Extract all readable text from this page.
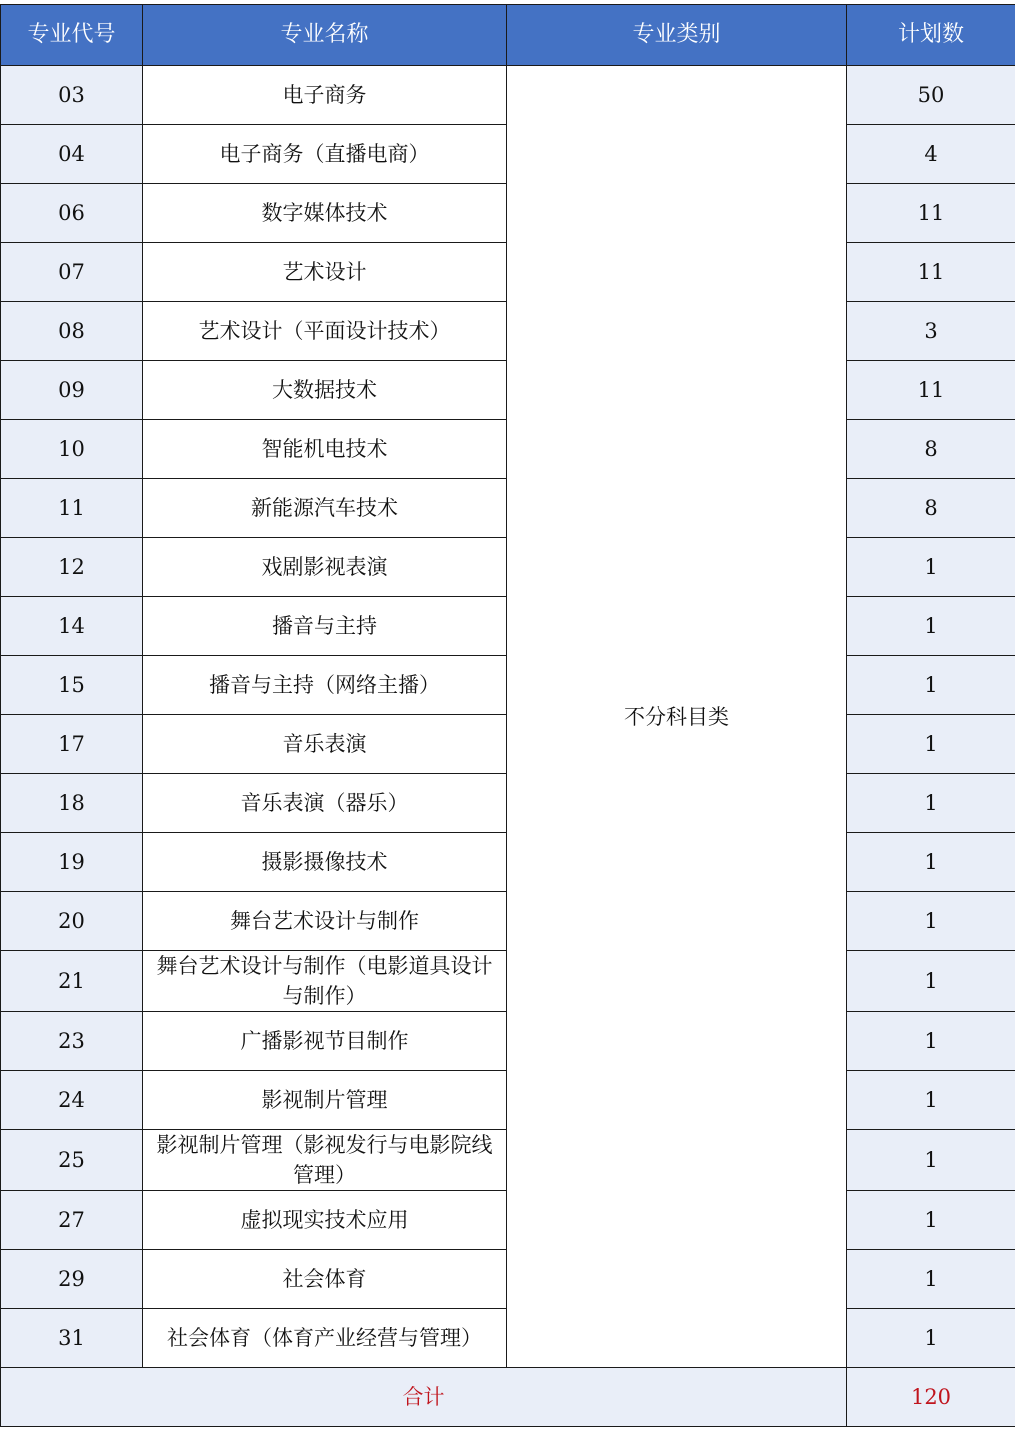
专业代号	专业名称	专业类别	计划数
03	电子商务	不分科目类	50
04	电子商务（直播电商）		4
06	数字媒体技术		11
07	艺术设计		11
08	艺术设计（平面设计技术）		3
09	大数据技术		11
10	智能机电技术		8
11	新能源汽车技术		8
12	戏剧影视表演		1
14	播音与主持		1
15	播音与主持（网络主播）		1
17	音乐表演		1
18	音乐表演（器乐）		1
19	摄影摄像技术		1
20	舞台艺术设计与制作		1
21	舞台艺术设计与制作（电影道具设计与制作）		1
23	广播影视节目制作		1
24	影视制片管理		1
25	影视制片管理（影视发行与电影院线管理）		1
27	虚拟现实技术应用		1
29	社会体育		1
31	社会体育（体育产业经营与管理）		1
合计			120
